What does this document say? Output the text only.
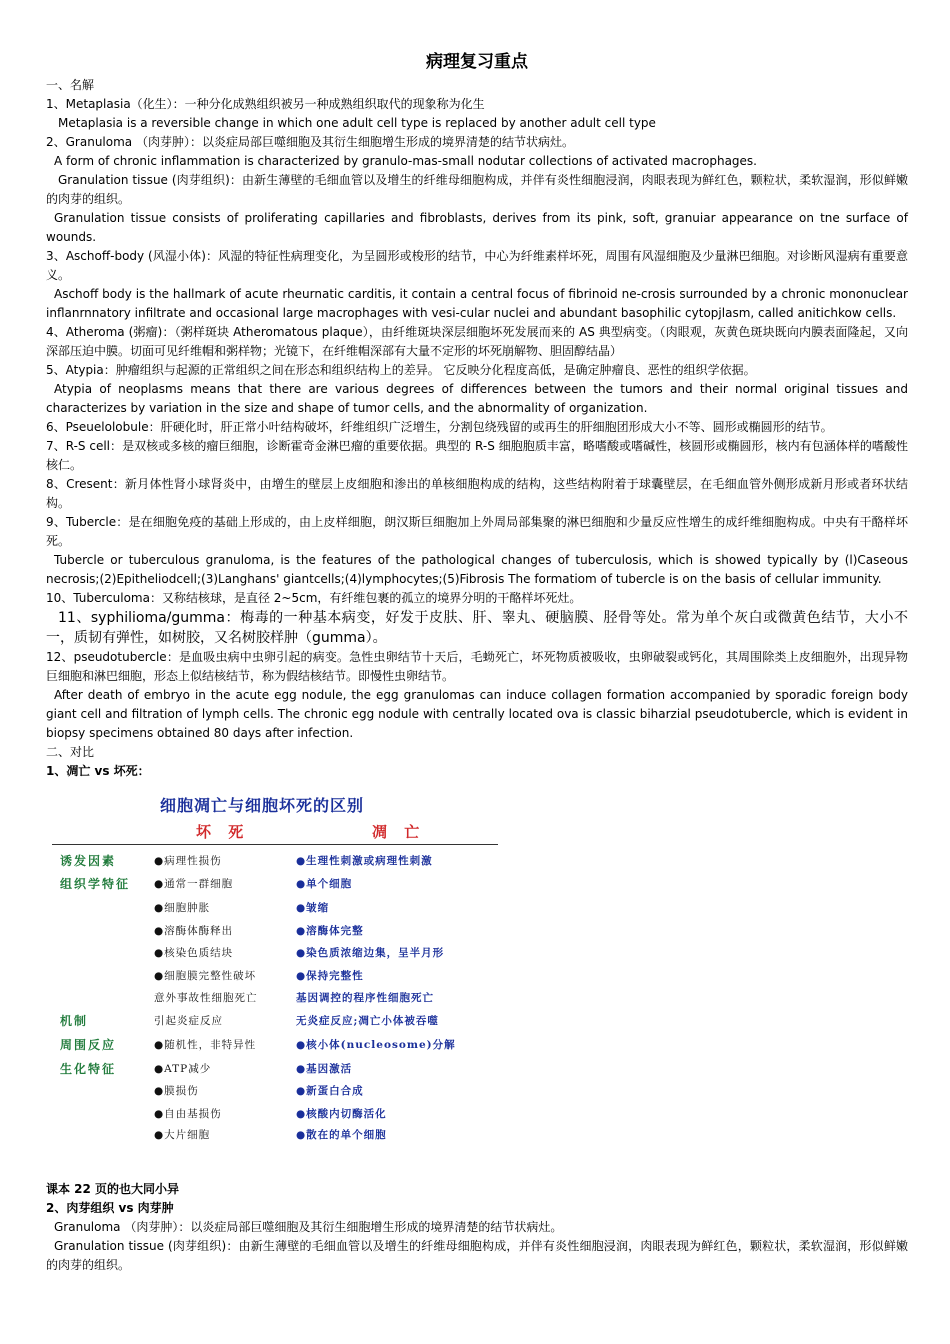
病理复习重点
一、名解
1、Metaplasia（化生）：一种分化成熟组织被另一种成熟组织取代的现象称为化生
Metaplasia is a reversible change in which one adult cell type is replaced by another adult cell type
2、Granuloma （肉芽肿）：以炎症局部巨噬细胞及其衍生细胞增生形成的境界清楚的结节状病灶。
A form of chronic inflammation is characterized by granulo-mas-small nodutar collections of activated macrophages.
Granulation tissue (肉芽组织)：由新生薄壁的毛细血管以及增生的纤维母细胞构成，并伴有炎性细胞浸润，肉眼表现为鲜红色，颗粒状，柔软湿润，形似鲜嫩的肉芽的组织。
Granulation tissue consists of proliferating capillaries and fibroblasts, derives from its pink, soft, granuiar appearance on tne surface of wounds.
3、Aschoff-body (风湿小体)：风湿的特征性病理变化，为呈圆形或梭形的结节，中心为纤维素样坏死，周围有风湿细胞及少量淋巴细胞。对诊断风湿病有重要意义。
Aschoff body is the hallmark of acute rheurnatic carditis, it contain a central focus of fibrinoid ne-crosis surrounded by a chronic mononuclear inflanrnnatory infiltrate and occasional large macrophages with vesi-cular nuclei and abundant basophilic cytopjlasm, called anitichkow cells.
4、Atheroma (粥瘤)：（粥样斑块 Atheromatous plaque），由纤维斑块深层细胞坏死发展而来的 AS 典型病变。（肉眼观，灰黄色斑块既向内膜表面隆起，又向深部压迫中膜。切面可见纤维帽和粥样物；光镜下，在纤维帽深部有大量不定形的坏死崩解物、胆固醇结晶）
5、Atypia：肿瘤组织与起源的正常组织之间在形态和组织结构上的差异。 它反映分化程度高低，是确定肿瘤良、恶性的组织学依据。
Atypia of neoplasms means that there are various degrees of differences between the tumors and their normal original tissues and characterizes by variation in the size and shape of tumor cells, and the abnormality of organization.
6、Pseuelolobule：肝硬化时，肝正常小叶结构破坏，纤维组织广泛增生，分割包绕残留的或再生的肝细胞团形成大小不等、圆形或椭圆形的结节。
7、R-S cell：是双核或多核的瘤巨细胞，诊断霍奇金淋巴瘤的重要依据。典型的 R-S 细胞胞质丰富，略嗜酸或嗜碱性，核圆形或椭圆形，核内有包涵体样的嗜酸性核仁。
8、Cresent：新月体性肾小球肾炎中，由增生的壁层上皮细胞和渗出的单核细胞构成的结构，这些结构附着于球囊壁层，在毛细血管外侧形成新月形或者环状结构。
9、Tubercle：是在细胞免疫的基础上形成的，由上皮样细胞，朗汉斯巨细胞加上外周局部集聚的淋巴细胞和少量反应性增生的成纤维细胞构成。中央有干酪样坏死。
Tubercle or tuberculous granuloma, is the features of the pathological changes of tuberculosis, which is showed typically by (l)Caseous necrosis;(2)Epitheliodcell;(3)Langhans' giantcells;(4)lymphocytes;(5)Fibrosis The formatiom of tubercle is on the basis of cellular immunity.
10、Tuberculoma：又称结核球，是直径 2~5cm，有纤维包裹的孤立的境界分明的干酪样坏死灶。
11、syphilioma/gumma：梅毒的一种基本病变，好发于皮肤、肝、睾丸、硬脑膜、胫骨等处。常为单个灰白或微黄色结节，大小不一，质韧有弹性，如树胶，又名树胶样肿（gumma）。
12、pseudotubercle：是血吸虫病中虫卵引起的病变。急性虫卵结节十天后，毛蚴死亡，坏死物质被吸收，虫卵破裂或钙化，其周围除类上皮细胞外，出现异物巨细胞和淋巴细胞，形态上似结核结节，称为假结核结节。即慢性虫卵结节。
After death of embryo in the acute egg nodule, the egg granulomas can induce collagen formation accompanied by sporadic foreign body giant cell and filtration of lymph cells. The chronic egg nodule with centrally located ova is classic biharzial pseudotubercle, which is evident in biopsy specimens obtained 80 days after infection.
二、对比
1、凋亡 vs 坏死：
细胞凋亡与细胞坏死的区别
坏 死	凋 亡
诱发因素
组织学特征
机制
周围反应
生化特征
●病理性损伤
●通常一群细胞
●细胞肿胀
●溶酶体酶释出
●核染色质结块
●细胞膜完整性破坏
意外事故性细胞死亡
引起炎症反应
●随机性，非特异性
●ATP减少
●膜损伤
●自由基损伤
●大片细胞
●生理性刺激或病理性刺激
●单个细胞
●皱缩
●溶酶体完整
●染色质浓缩边集，呈半月形
●保持完整性
基因调控的程序性细胞死亡
无炎症反应;凋亡小体被吞噬
●核小体(nucleosome)分解
●基因激活
●新蛋白合成
●核酸内切酶活化
●散在的单个细胞
课本 22 页的也大同小异
2、肉芽组织 vs 肉芽肿
Granuloma （肉芽肿）：以炎症局部巨噬细胞及其衍生细胞增生形成的境界清楚的结节状病灶。
Granulation tissue (肉芽组织)：由新生薄壁的毛细血管以及增生的纤维母细胞构成，并伴有炎性细胞浸润，肉眼表现为鲜红色，颗粒状，柔软湿润，形似鲜嫩的肉芽的组织。
